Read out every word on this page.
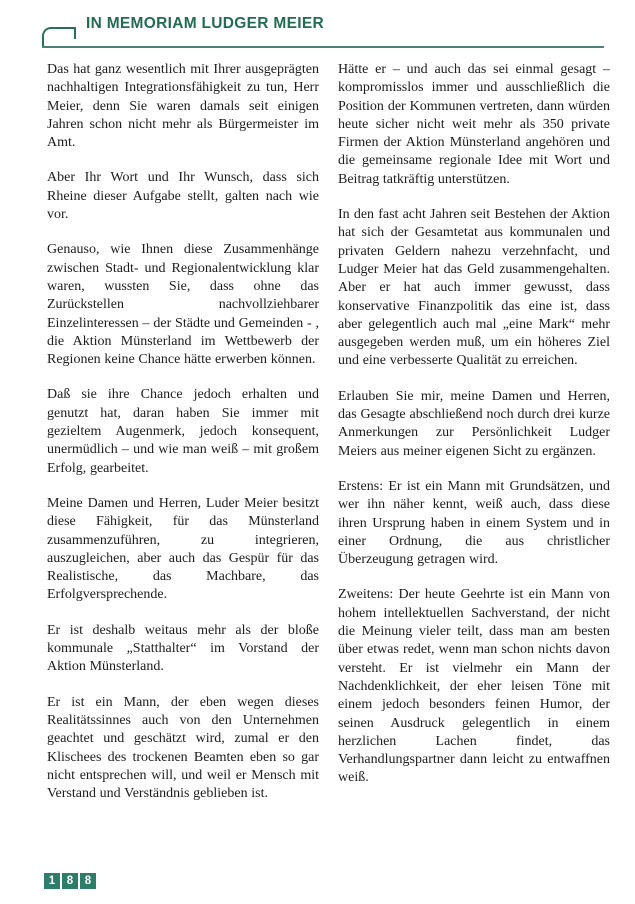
IN MEMORIAM LUDGER MEIER

Das hat ganz wesentlich mit Ihrer ausgeprägten nachhaltigen Integrationsfähigkeit zu tun, Herr Meier, denn Sie waren damals seit einigen Jahren schon nicht mehr als Bürgermeister im Amt.

Aber Ihr Wort und Ihr Wunsch, dass sich Rheine dieser Aufgabe stellt, galten nach wie vor.

Genauso, wie Ihnen diese Zusammenhänge zwischen Stadt- und Regionalentwicklung klar waren, wussten Sie, dass ohne das Zurückstellen nachvollziehbarer Einzelinteressen – der Städte und Gemeinden - , die Aktion Münsterland im Wettbewerb der Regionen keine Chance hätte erwerben können.

Daß sie ihre Chance jedoch erhalten und genutzt hat, daran haben Sie immer mit gezieltem Augenmerk, jedoch konsequent, unermüdlich – und wie man weiß – mit großem Erfolg, gearbeitet.

Meine Damen und Herren, Luder Meier besitzt diese Fähigkeit, für das Münsterland zusammenzuführen, zu integrieren, auszugleichen, aber auch das Gespür für das Realistische, das Machbare, das Erfolgversprechende.

Er ist deshalb weitaus mehr als der bloße kommunale „Statthalter“ im Vorstand der Aktion Münsterland.

Er ist ein Mann, der eben wegen dieses Realitätssinnes auch von den Unternehmen geachtet und geschätzt wird, zumal er den Klischees des trockenen Beamten eben so gar nicht entsprechen will, und weil er Mensch mit Verstand und Verständnis geblieben ist.

Hätte er – und auch das sei einmal gesagt – kompromisslos immer und ausschließlich die Position der Kommunen vertreten, dann würden heute sicher nicht weit mehr als 350 private Firmen der Aktion Münsterland angehören und die gemeinsame regionale Idee mit Wort und Beitrag tatkräftig unterstützen.

In den fast acht Jahren seit Bestehen der Aktion hat sich der Gesamtetat aus kommunalen und privaten Geldern nahezu verzehnfacht, und Ludger Meier hat das Geld zusammengehalten. Aber er hat auch immer gewusst, dass konservative Finanzpolitik das eine ist, dass aber gelegentlich auch mal „eine Mark“ mehr ausgegeben werden muß, um ein höheres Ziel und eine verbesserte Qualität zu erreichen.

Erlauben Sie mir, meine Damen und Herren, das Gesagte abschließend noch durch drei kurze Anmerkungen zur Persönlichkeit Ludger Meiers aus meiner eigenen Sicht zu ergänzen.

Erstens: Er ist ein Mann mit Grundsätzen, und wer ihn näher kennt, weiß auch, dass diese ihren Ursprung haben in einem System und in einer Ordnung, die aus christlicher Überzeugung getragen wird.

Zweitens: Der heute Geehrte ist ein Mann von hohem intellektuellen Sachverstand, der nicht die Meinung vieler teilt, dass man am besten über etwas redet, wenn man schon nichts davon versteht. Er ist vielmehr ein Mann der Nachdenklichkeit, der eher leisen Töne mit einem jedoch besonders feinen Humor, der seinen Ausdruck gelegentlich in einem herzlichen Lachen findet, das Verhandlungspartner dann leicht zu entwaffnen weiß.

1	8	8
